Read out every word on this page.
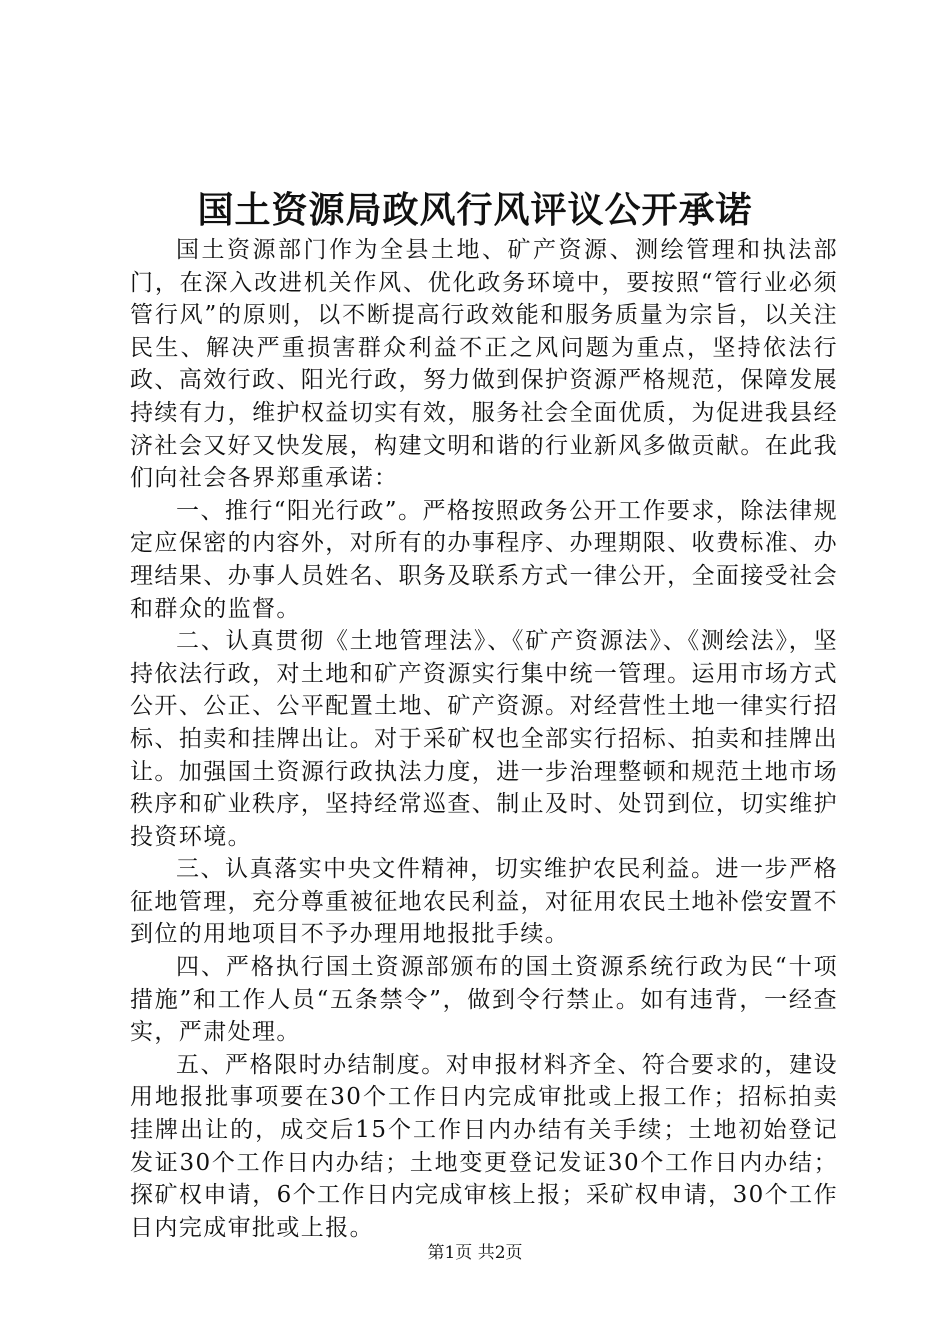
国土资源局政风行风评议公开承诺

国土资源部门作为全县土地、矿产资源、测绘管理和执法部门，在深入改进机关作风、优化政务环境中，要按照“管行业必须管行风”的原则，以不断提高行政效能和服务质量为宗旨，以关注民生、解决严重损害群众利益不正之风问题为重点，坚持依法行政、高效行政、阳光行政，努力做到保护资源严格规范，保障发展持续有力，维护权益切实有效，服务社会全面优质，为促进我县经济社会又好又快发展，构建文明和谐的行业新风多做贡献。在此我们向社会各界郑重承诺：

一、推行“阳光行政”。严格按照政务公开工作要求，除法律规定应保密的内容外，对所有的办事程序、办理期限、收费标准、办理结果、办事人员姓名、职务及联系方式一律公开，全面接受社会和群众的监督。

二、认真贯彻《土地管理法》、《矿产资源法》、《测绘法》，坚持依法行政，对土地和矿产资源实行集中统一管理。运用市场方式公开、公正、公平配置土地、矿产资源。对经营性土地一律实行招标、拍卖和挂牌出让。对于采矿权也全部实行招标、拍卖和挂牌出让。加强国土资源行政执法力度，进一步治理整顿和规范土地市场秩序和矿业秩序，坚持经常巡查、制止及时、处罚到位，切实维护投资环境。

三、认真落实中央文件精神，切实维护农民利益。进一步严格征地管理，充分尊重被征地农民利益，对征用农民土地补偿安置不到位的用地项目不予办理用地报批手续。

四、严格执行国土资源部颁布的国土资源系统行政为民“十项措施”和工作人员“五条禁令”，做到令行禁止。如有违背，一经查实，严肃处理。

五、严格限时办结制度。对申报材料齐全、符合要求的，建设用地报批事项要在30个工作日内完成审批或上报工作；招标拍卖挂牌出让的，成交后15个工作日内办结有关手续；土地初始登记发证30个工作日内办结；土地变更登记发证30个工作日内办结；探矿权申请，6个工作日内完成审核上报；采矿权申请，30个工作日内完成审批或上报。

第1页 共2页
